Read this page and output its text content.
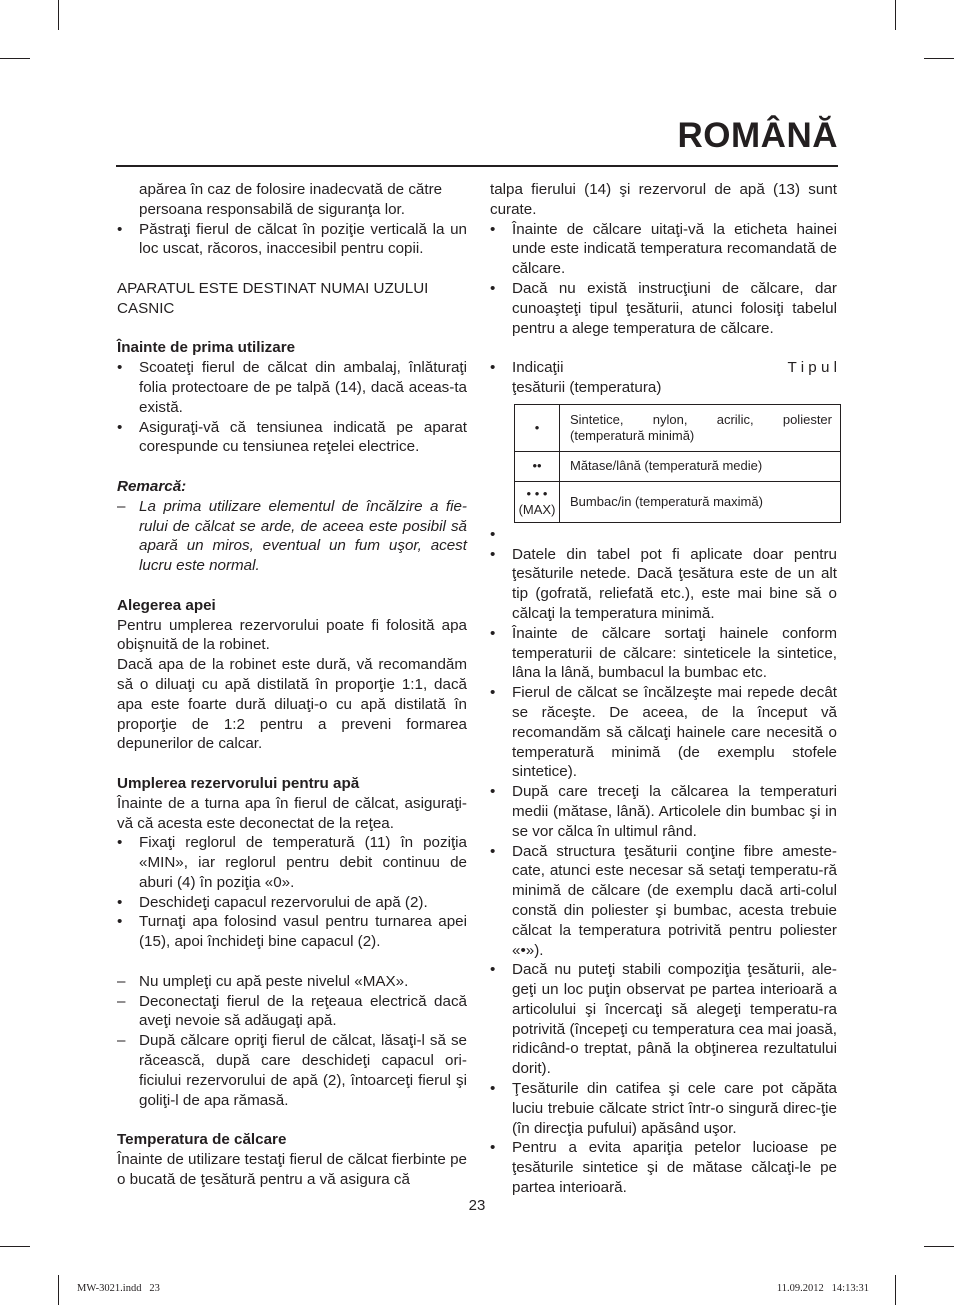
ROMÂNĂ
apărea în caz de folosire inadecvată de către
persoana responsabilă de siguranţa lor.
•	Păstraţi fierul de călcat în poziţie verticală la un loc uscat, răcoros, inaccesibil pentru copii.

APARATUL ESTE DESTINAT NUMAI UZULUI CASNIC

Înainte de prima utilizare

•	Scoateţi fierul de călcat din ambalaj, înlăturaţi folia protectoare de pe talpă (14), dacă aceas-ta există.
•	Asiguraţi-vă că tensiunea indicată pe aparat corespunde cu tensiunea reţelei electrice.

Remarcă:

– La prima utilizare elementul de încălzire a fie-rului de călcat se arde, de aceea este posibil să apară un miros, eventual un fum uşor, acest lucru este normal.

Alegerea apei

Pentru umplerea rezervorului poate fi folosită apa obişnuită de la robinet.

Dacă apa de la robinet este dură, vă recomandăm să o diluaţi cu apă distilată în proporţie 1:1, dacă apa este foarte dură diluaţi-o cu apă distilată în proporţie de 1:2 pentru a preveni formarea depunerilor de calcar.

Umplerea rezervorului pentru apă

Înainte de a turna apa în fierul de călcat, asiguraţi-vă că acesta este deconectat de la reţea.

•	Fixaţi reglorul de temperatură (11) în poziţia «MIN», iar reglorul pentru debit continuu de aburi (4) în poziţia «0».
•	Deschideţi capacul rezervorului de apă (2).
•	Turnaţi apa folosind vasul pentru turnarea apei (15), apoi închideţi bine capacul (2).
– Nu umpleţi cu apă peste nivelul «MAX».
– Deconectaţi fierul de la reţeaua electrică dacă aveţi nevoie să adăugaţi apă.
– După călcare opriţi fierul de călcat, lăsaţi-l să se răcească, după care deschideţi capacul ori-ficiului rezervorului de apă (2), întoarceţi fierul şi goliţi-l de apa rămasă.

Temperatura de călcare

Înainte de utilizare testaţi fierul de călcat fierbinte pe o bucată de ţesătură pentru a vă asigura că

talpa fierului (14) şi rezervorul de apă (13) sunt curate.

•	Înainte de călcare uitaţi-vă la eticheta hainei unde este indicată temperatura recomandată de călcare.
•	Dacă nu există instrucţiuni de călcare, dar cunoaşteţi tipul ţesăturii, atunci folosiţi tabelul pentru a alege temperatura de călcare.
•	Indicaţii	T i p u l
ţesăturii (temperatura)
•	Sintetice, nylon, acrilic, poliester (temperatură minimă)
••	Mătase/lână (temperatură medie)
• • •
(MAX)	Bumbac/in (temperatură maximă)
•
•	Datele din tabel pot fi aplicate doar pentru ţesăturile netede. Dacă ţesătura este de un alt tip (gofrată, reliefată etc.), este mai bine să o călcaţi la temperatura minimă.
•	Înainte de călcare sortaţi hainele conform temperaturii de călcare: sinteticele la sintetice, lâna la lână, bumbacul la bumbac etc.
•	Fierul de călcat se încălzeşte mai repede decât se răceşte. De aceea, de la început vă recomandăm să călcaţi hainele care necesită o temperatură minimă (de exemplu stofele sintetice).
•	După care treceţi la călcarea la temperaturi medii (mătase, lână). Articolele din bumbac şi in se vor călca în ultimul rând.
•	Dacă structura ţesăturii conţine fibre ameste-cate, atunci este necesar să setaţi temperatu-ră minimă de călcare (de exemplu dacă arti-colul constă din poliester şi bumbac, acesta trebuie călcat la temperatura potrivită pentru poliester «•»).
•	Dacă nu puteţi stabili compoziţia ţesăturii, ale-geţi un loc puţin observat pe partea interioară a articolului şi încercaţi să alegeţi temperatu-ra potrivită (începeţi cu temperatura cea mai joasă, ridicând-o treptat, până la obţinerea rezultatului dorit).
•	Ţesăturile din catifea şi cele care pot căpăta luciu trebuie călcate strict într-o singură direc-ţie (în direcţia pufului) apăsând uşor.
•	Pentru a evita apariţia petelor lucioase pe ţesăturile sintetice şi de mătase călcaţi-le pe partea interioară.
23
MW-3021.indd   23	11.09.2012   14:13:31
